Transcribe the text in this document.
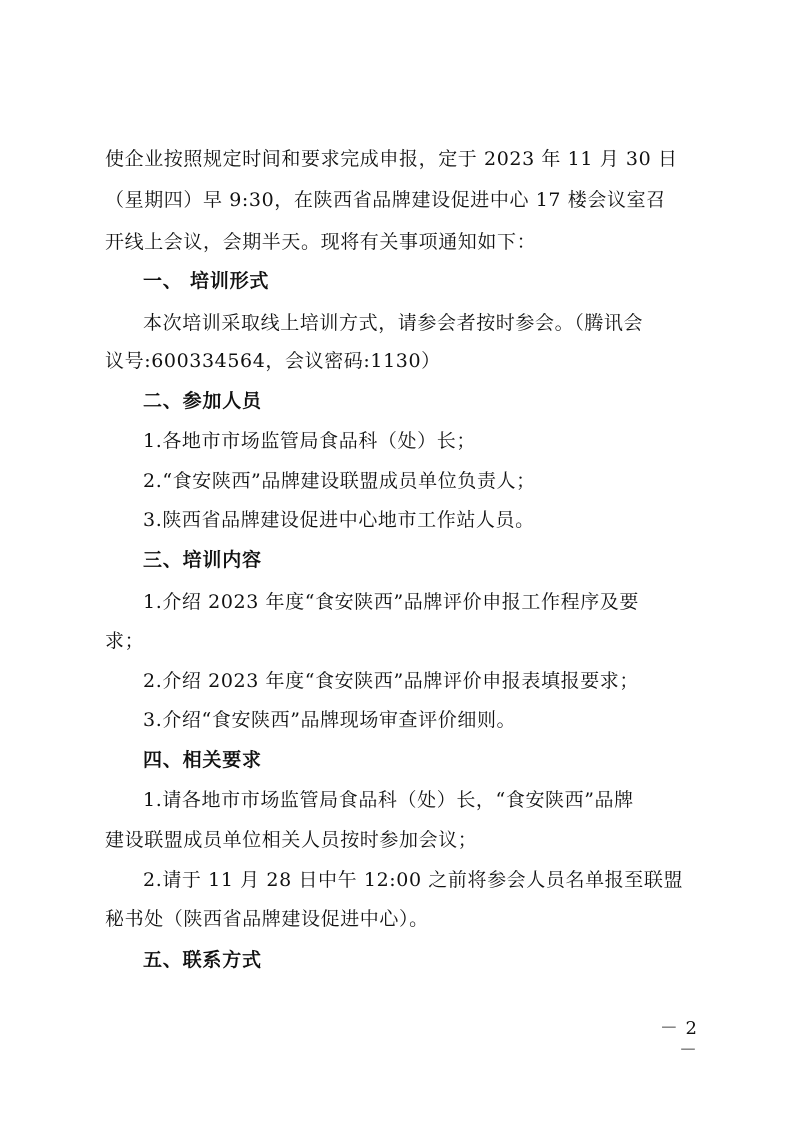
使企业按照规定时间和要求完成申报，定于 2023 年 11 月 30 日
（星期四）早 9:30，在陕西省品牌建设促进中心 17 楼会议室召
开线上会议，会期半天。现将有关事项通知如下：
一、 培训形式
本次培训采取线上培训方式，请参会者按时参会。（腾讯会
议号:600334564，会议密码:1130）
二、参加人员
1.各地市市场监管局食品科（处）长；
2.“食安陕西”品牌建设联盟成员单位负责人；
3.陕西省品牌建设促进中心地市工作站人员。
三、培训内容
1.介绍 2023 年度“食安陕西”品牌评价申报工作程序及要
求；
2.介绍 2023 年度“食安陕西”品牌评价申报表填报要求；
3.介绍“食安陕西”品牌现场审查评价细则。
四、相关要求
1.请各地市市场监管局食品科（处）长，“食安陕西”品牌
建设联盟成员单位相关人员按时参加会议；
2.请于 11 月 28 日中午 12:00 之前将参会人员名单报至联盟
秘书处（陕西省品牌建设促进中心）。
五、联系方式
－ 2 －
